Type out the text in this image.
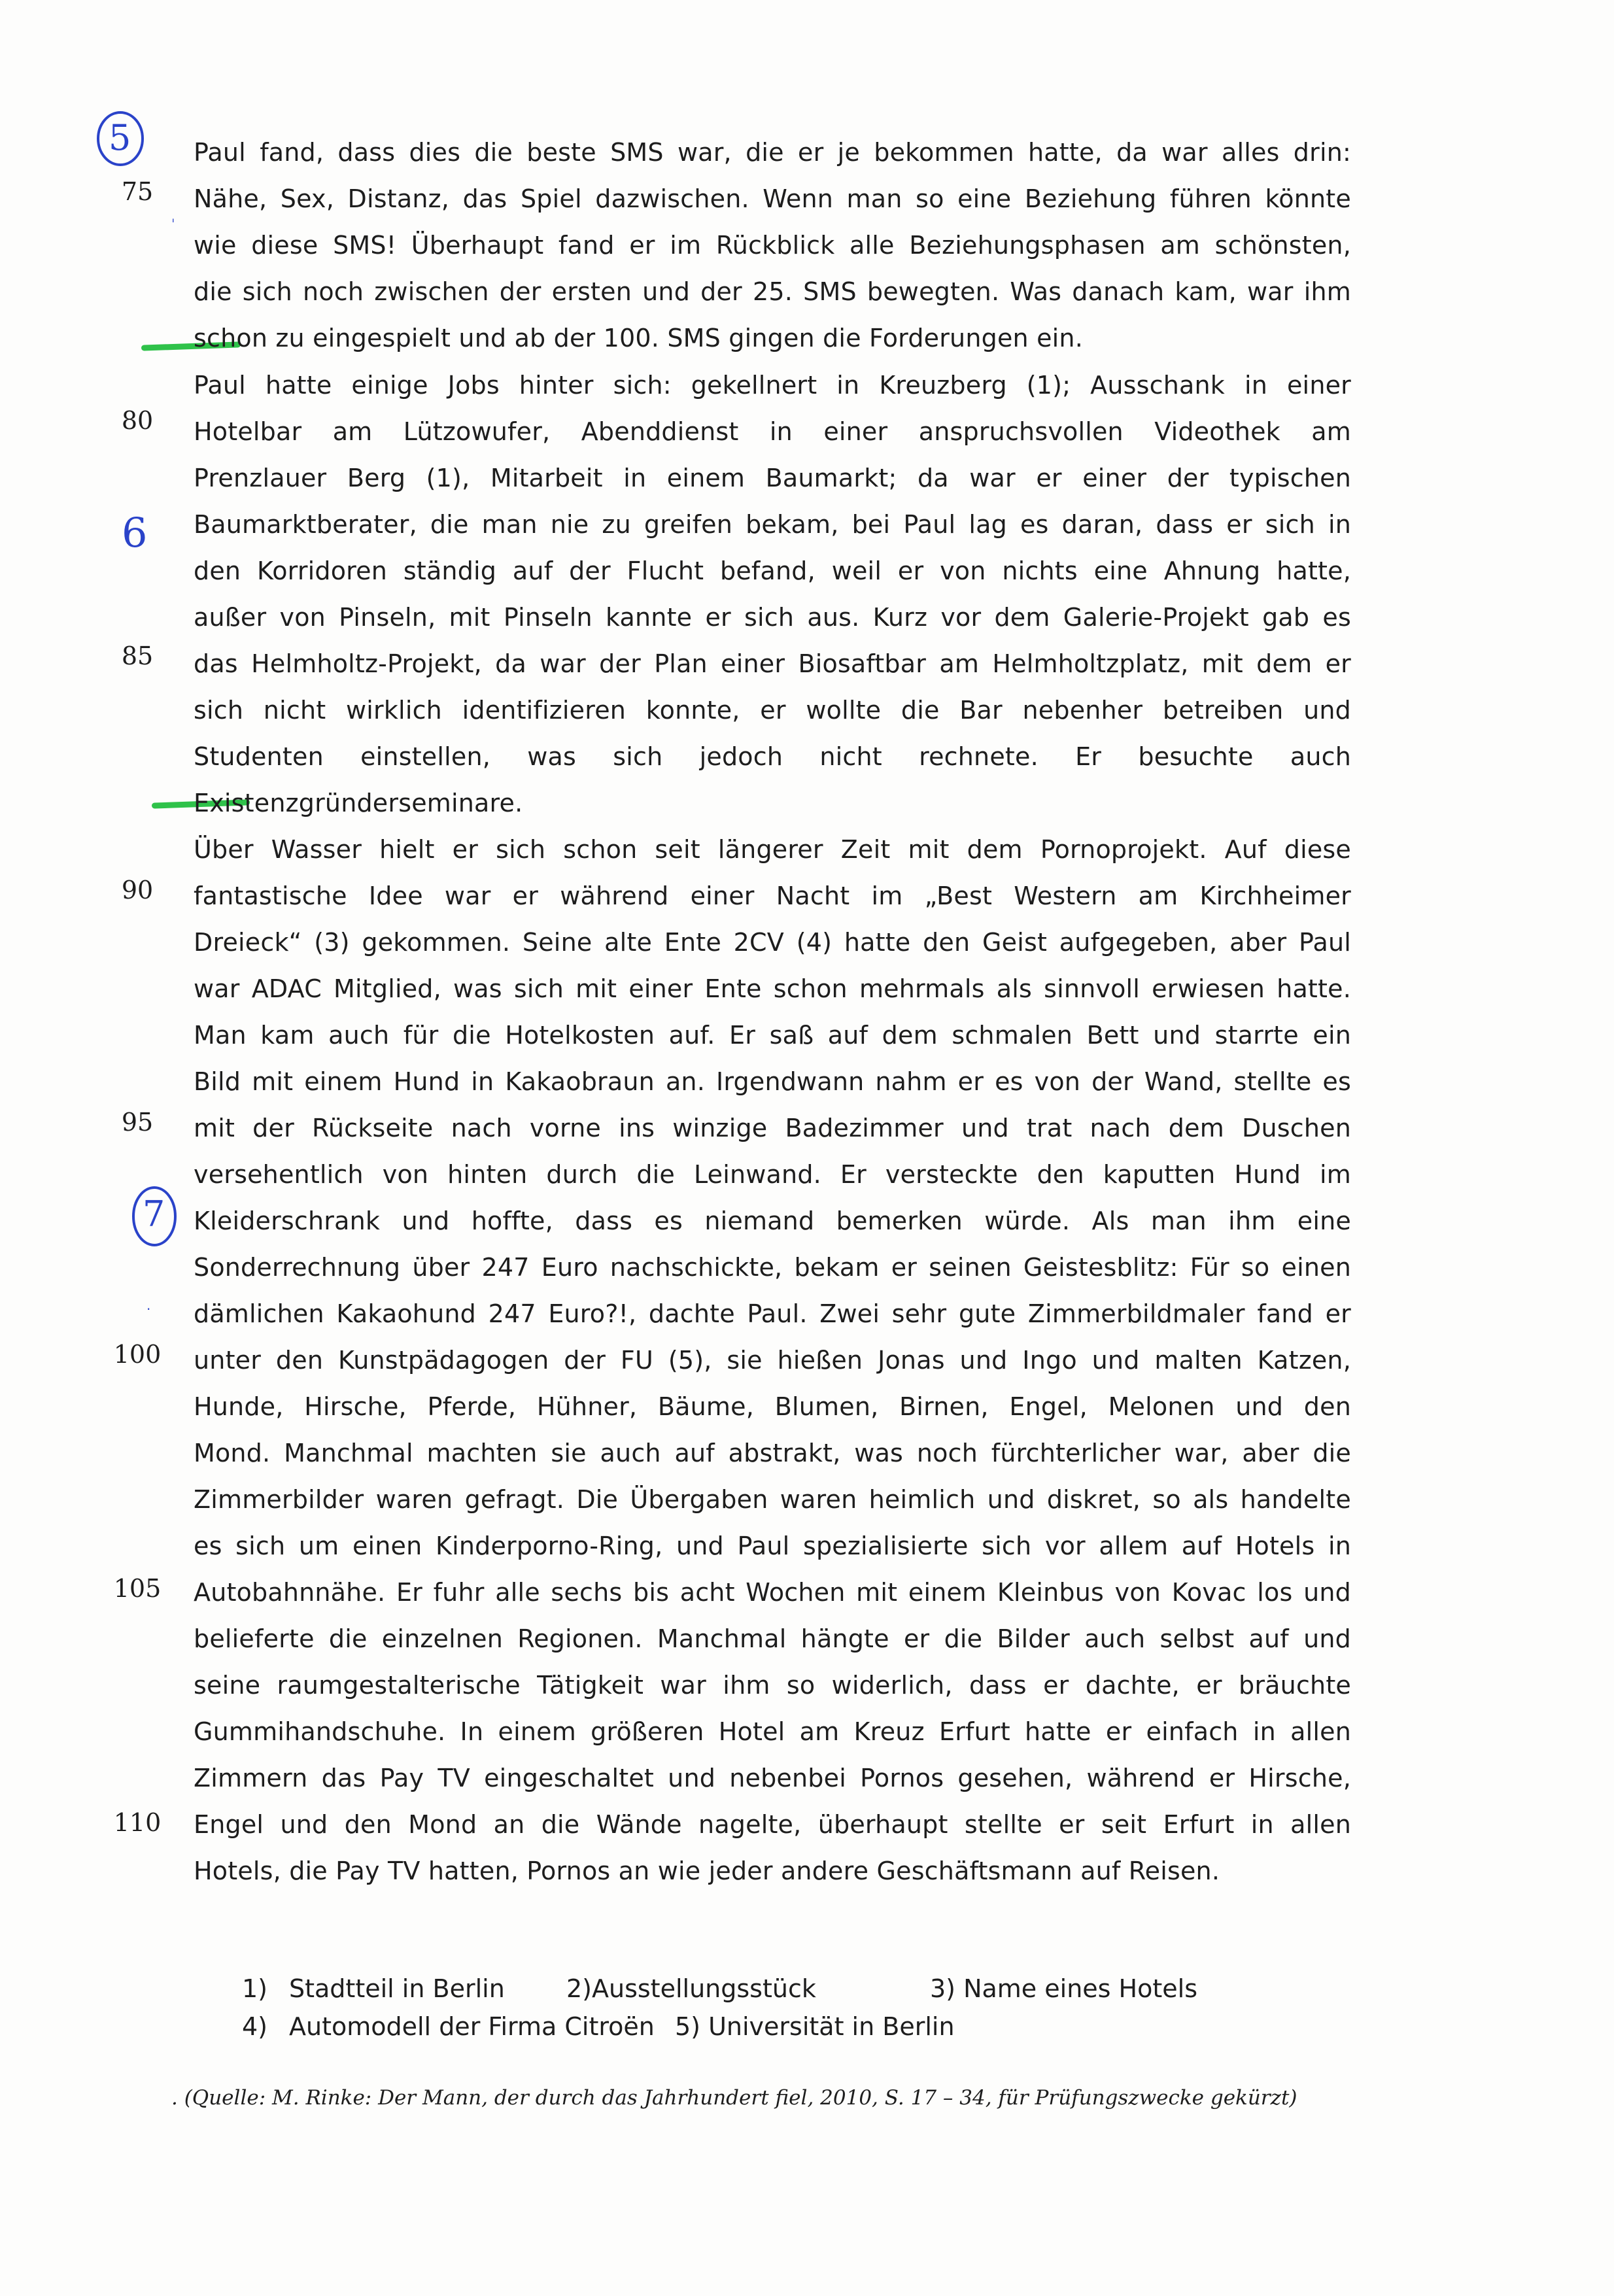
5
ˌ
6
7
·
75
80
85
90
95
100
105
110
Paul fand, dass dies die beste SMS war, die er je bekommen hatte, da war alles drin:
Nähe, Sex, Distanz, das Spiel dazwischen. Wenn man so eine Beziehung führen könnte
wie diese SMS! Überhaupt fand er im Rückblick alle Beziehungsphasen am schönsten,
die sich noch zwischen der ersten und der 25. SMS bewegten. Was danach kam, war ihm
schon zu eingespielt und ab der 100. SMS gingen die Forderungen ein.
Paul hatte einige Jobs hinter sich: gekellnert in Kreuzberg (1); Ausschank in einer
Hotelbar am Lützowufer, Abenddienst in einer anspruchsvollen Videothek am
Prenzlauer Berg (1), Mitarbeit in einem Baumarkt; da war er einer der typischen
Baumarktberater, die man nie zu greifen bekam, bei Paul lag es daran, dass er sich in
den Korridoren ständig auf der Flucht befand, weil er von nichts eine Ahnung hatte,
außer von Pinseln, mit Pinseln kannte er sich aus. Kurz vor dem Galerie-Projekt gab es
das Helmholtz-Projekt, da war der Plan einer Biosaftbar am Helmholtzplatz, mit dem er
sich nicht wirklich identifizieren konnte, er wollte die Bar nebenher betreiben und
Studenten einstellen, was sich jedoch nicht rechnete. Er besuchte auch
Existenzgründerseminare.
Über Wasser hielt er sich schon seit längerer Zeit mit dem Pornoprojekt. Auf diese
fantastische Idee war er während einer Nacht im „Best Western am Kirchheimer
Dreieck“ (3) gekommen. Seine alte Ente 2CV (4) hatte den Geist aufgegeben, aber Paul
war ADAC Mitglied, was sich mit einer Ente schon mehrmals als sinnvoll erwiesen hatte.
Man kam auch für die Hotelkosten auf. Er saß auf dem schmalen Bett und starrte ein
Bild mit einem Hund in Kakaobraun an. Irgendwann nahm er es von der Wand, stellte es
mit der Rückseite nach vorne ins winzige Badezimmer und trat nach dem Duschen
versehentlich von hinten durch die Leinwand. Er versteckte den kaputten Hund im
Kleiderschrank und hoffte, dass es niemand bemerken würde. Als man ihm eine
Sonderrechnung über 247 Euro nachschickte, bekam er seinen Geistesblitz: Für so einen
dämlichen Kakaohund 247 Euro?!, dachte Paul. Zwei sehr gute Zimmerbildmaler fand er
unter den Kunstpädagogen der FU (5), sie hießen Jonas und Ingo und malten Katzen,
Hunde, Hirsche, Pferde, Hühner, Bäume, Blumen, Birnen, Engel, Melonen und den
Mond. Manchmal machten sie auch auf abstrakt, was noch fürchterlicher war, aber die
Zimmerbilder waren gefragt. Die Übergaben waren heimlich und diskret, so als handelte
es sich um einen Kinderporno-Ring, und Paul spezialisierte sich vor allem auf Hotels in
Autobahnnähe. Er fuhr alle sechs bis acht Wochen mit einem Kleinbus von Kovac los und
belieferte die einzelnen Regionen. Manchmal hängte er die Bilder auch selbst auf und
seine raumgestalterische Tätigkeit war ihm so widerlich, dass er dachte, er bräuchte
Gummihandschuhe. In einem größeren Hotel am Kreuz Erfurt hatte er einfach in allen
Zimmern das Pay TV eingeschaltet und nebenbei Pornos gesehen, während er Hirsche,
Engel und den Mond an die Wände nagelte, überhaupt stellte er seit Erfurt in allen
Hotels, die Pay TV hatten, Pornos an wie jeder andere Geschäftsmann auf Reisen.
1) Stadtteil in Berlin 2)Ausstellungsstück	3) Name eines Hotels
4) Automodell der Firma Citroën 5) Universität in Berlin
. (Quelle: M. Rinke: Der Mann, der durch das Jahrhundert fiel, 2010, S. 17 – 34, für Prüfungszwecke gekürzt)
